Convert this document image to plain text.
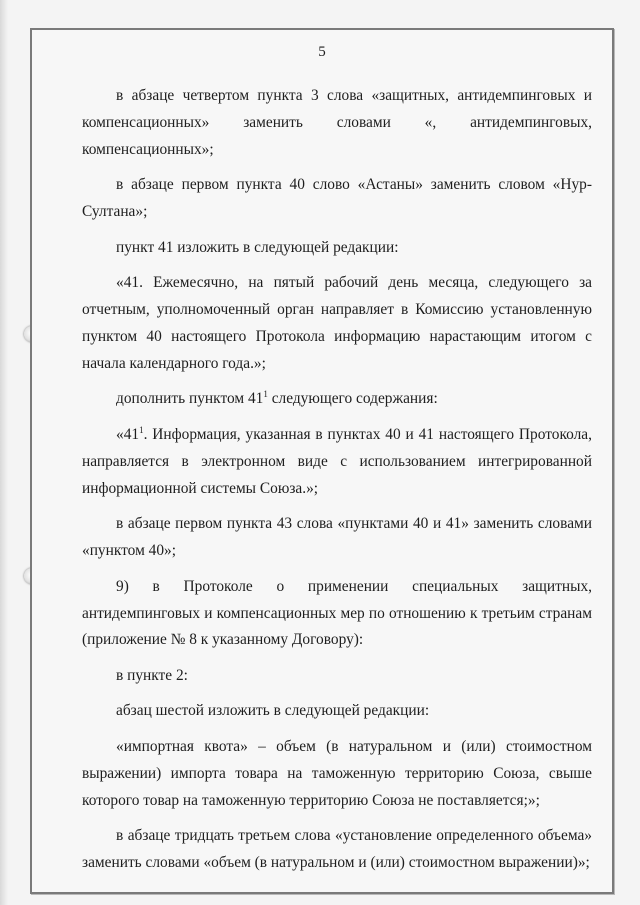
5

в абзаце четвертом пункта 3 слова «защитных, антидемпинговых и компенсационных» заменить словами «, антидемпинговых, компенсационных»;

в абзаце первом пункта 40 слово «Астаны» заменить словом «Нур-Султана»;

пункт 41 изложить в следующей редакции:

«41. Ежемесячно, на пятый рабочий день месяца, следующего за отчетным, уполномоченный орган направляет в Комиссию установленную пунктом 40 настоящего Протокола информацию нарастающим итогом с начала календарного года.»;

дополнить пунктом $41^1$ следующего содержания:

«$41^1$. Информация, указанная в пунктах 40 и 41 настоящего Протокола, направляется в электронном виде с использованием интегрированной информационной системы Союза.»;

в абзаце первом пункта 43 слова «пунктами 40 и 41» заменить словами «пунктом 40»;

9) в Протоколе о применении специальных защитных, антидемпинговых и компенсационных мер по отношению к третьим странам (приложение № 8 к указанному Договору):

в пункте 2:

абзац шестой изложить в следующей редакции:

«импортная квота» – объем (в натуральном и (или) стоимостном выражении) импорта товара на таможенную территорию Союза, свыше которого товар на таможенную территорию Союза не поставляется;»;

в абзаце тридцать третьем слова «установление определенного объема» заменить словами «объем (в натуральном и (или) стоимостном выражении)»;
